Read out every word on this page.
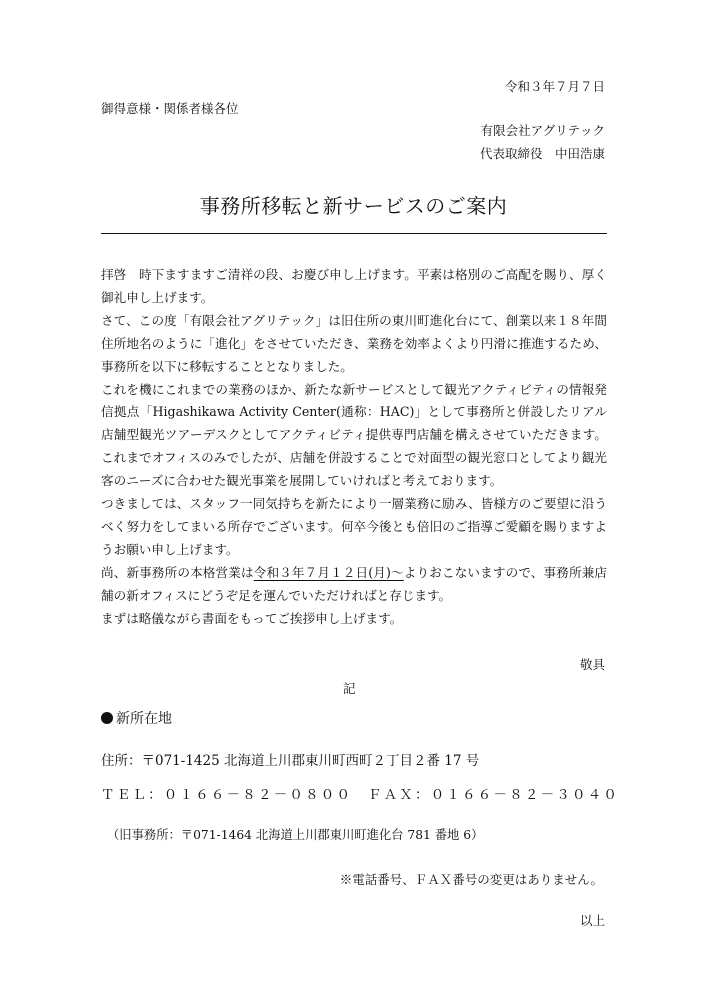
令和３年７月７日
御得意様・関係者様各位
有限会社アグリテック
代表取締役　中田浩康
事務所移転と新サービスのご案内

拝啓　時下ますますご清祥の段、お慶び申し上げます。平素は格別のご高配を賜り、厚く御礼申し上げます。

さて、この度「有限会社アグリテック」は旧住所の東川町進化台にて、創業以来１８年間住所地名のように「進化」をさせていただき、業務を効率よくより円滑に推進するため、事務所を以下に移転することとなりました。

これを機にこれまでの業務のほか、新たな新サービスとして観光アクティビティの情報発信拠点「Higashikawa Activity Center(通称：HAC)」として事務所と併設したリアル店舗型観光ツアーデスクとしてアクティビティ提供専門店舗を構えさせていただきます。これまでオフィスのみでしたが、店舗を併設することで対面型の観光窓口としてより観光客のニーズに合わせた観光事業を展開していければと考えております。

つきましては、スタッフ一同気持ちを新たにより一層業務に励み、皆様方のご要望に沿うべく努力をしてまいる所存でございます。何卒今後とも倍旧のご指導ご愛顧を賜りますようお願い申し上げます。

尚、新事務所の本格営業は令和３年７月１２日(月)～よりおこないますので、事務所兼店舗の新オフィスにどうぞ足を運んでいただければと存じます。

まずは略儀ながら書面をもってご挨拶申し上げます。

敬具
記
新所在地
住所：〒071-1425 北海道上川郡東川町西町２丁目２番 17 号
ＴＥＬ：０１６６－８２－０８００　ＦＡＸ：０１６６－８２－３０４０
（旧事務所：〒071-1464 北海道上川郡東川町進化台 781 番地 6）
※電話番号、ＦＡＸ番号の変更はありません。
以上
